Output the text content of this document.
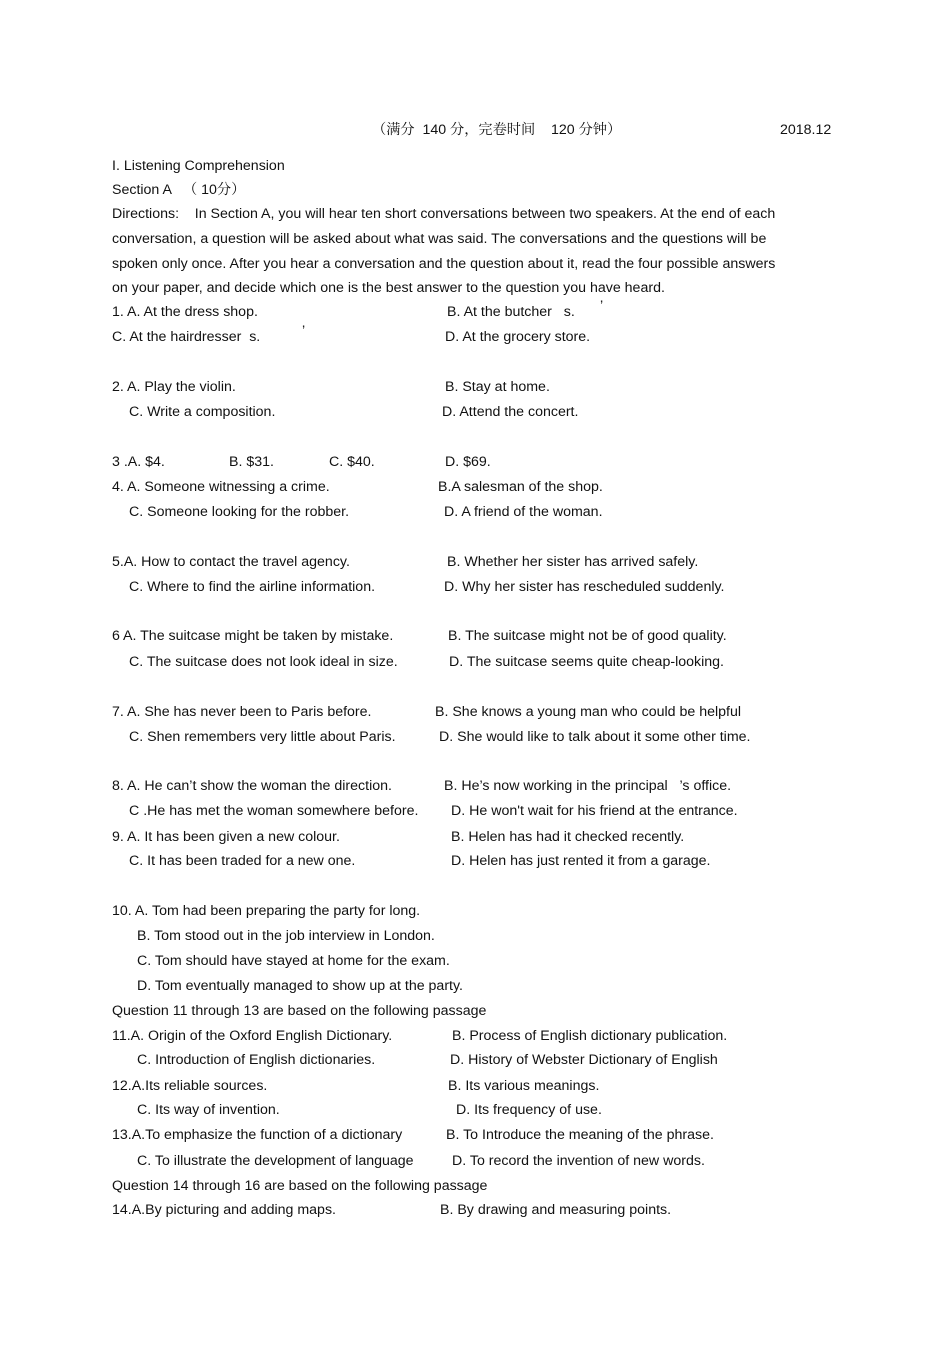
（满分  140 分，完卷时间    120 分钟）	2018.12
I. Listening Comprehension
Section A   （ 10分）
Directions:    In Section A, you will hear ten short conversations between two speakers. At the end of each
conversation, a question will be asked about what was said. The conversations and the questions will be
spoken only once. After you hear a conversation and the question about it, read the four possible answers
on your paper, and decide which one is the best answer to the question you have heard.
1. A. At the dress shop.	B. At the butcher   s. ’
C. At the hairdresser  s.	’	D. At the grocery store.
2. A. Play the violin.	B. Stay at home.
C. Write a composition.	D. Attend the concert.
3 .A. $4.	B. $31.	C. $40.	D. $69.
4. A. Someone witnessing a crime.	B.A salesman of the shop.
C. Someone looking for the robber.	D. A friend of the woman.
5.A. How to contact the travel agency.	B. Whether her sister has arrived safely.
C. Where to find the airline information.	D. Why her sister has rescheduled suddenly.
6 A. The suitcase might be taken by mistake.	B. The suitcase might not be of good quality.
C. The suitcase does not look ideal in size.	D. The suitcase seems quite cheap-looking.
7. A. She has never been to Paris before.	B. She knows a young man who could be helpful
C. Shen remembers very little about Paris.	D. She would like to talk about it some other time.
8. A. He can’t show the woman the direction.	B. He’s now working in the principal   ’s office.
C .He has met the woman somewhere before. D. He won't wait for his friend at the entrance.
9. A. It has been given a new colour.	B. Helen has had it checked recently.
C. It has been traded for a new one.	D. Helen has just rented it from a garage.
10. A. Tom had been preparing the party for long.
B. Tom stood out in the job interview in London.
C. Tom should have stayed at home for the exam.
D. Tom eventually managed to show up at the party.
Question 11 through 13 are based on the following passage
11.A. Origin of the Oxford English Dictionary.	B. Process of English dictionary publication.
C. Introduction of English dictionaries.	D. History of Webster Dictionary of English
12.A.Its reliable sources.	B. Its various meanings.
C. Its way of invention.	D. Its frequency of use.
13.A.To emphasize the function of a dictionary	B. To Introduce the meaning of the phrase.
C. To illustrate the development of language	D. To record the invention of new words.
Question 14 through 16 are based on the following passage
14.A.By picturing and adding maps.	B. By drawing and measuring points.
